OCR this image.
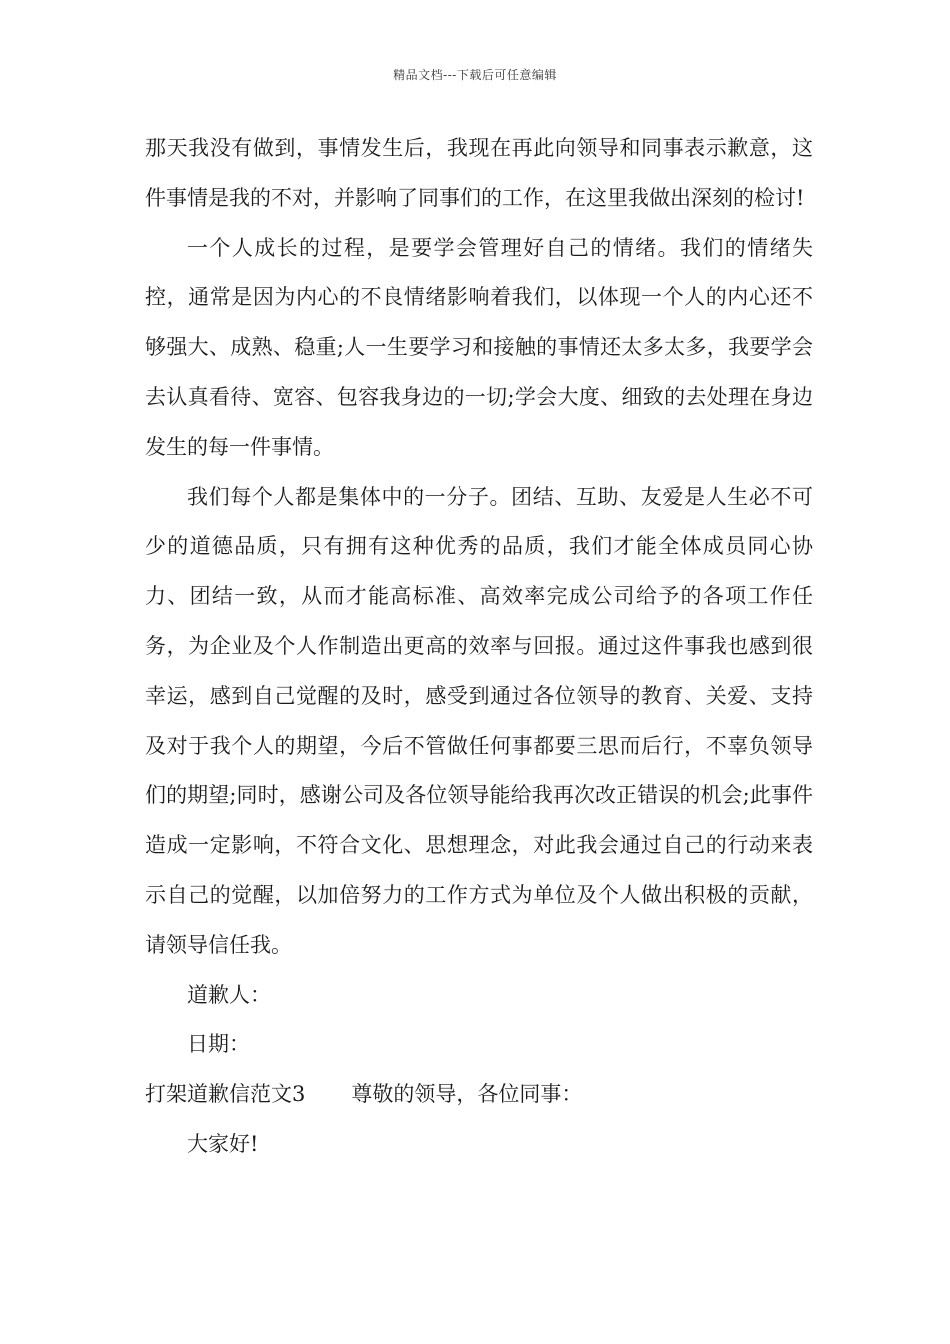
精品文档---下载后可任意编辑

那天我没有做到，事情发生后，我现在再此向领导和同事表示歉意，这件事情是我的不对，并影响了同事们的工作，在这里我做出深刻的检讨!

一个人成长的过程，是要学会管理好自己的情绪。我们的情绪失控，通常是因为内心的不良情绪影响着我们，以体现一个人的内心还不够强大、成熟、稳重;人一生要学习和接触的事情还太多太多，我要学会去认真看待、宽容、包容我身边的一切;学会大度、细致的去处理在身边发生的每一件事情。

我们每个人都是集体中的一分子。团结、互助、友爱是人生必不可少的道德品质，只有拥有这种优秀的品质，我们才能全体成员同心协力、团结一致，从而才能高标准、高效率完成公司给予的各项工作任务，为企业及个人作制造出更高的效率与回报。通过这件事我也感到很幸运，感到自己觉醒的及时，感受到通过各位领导的教育、关爱、支持及对于我个人的期望，今后不管做任何事都要三思而后行，不辜负领导们的期望;同时，感谢公司及各位领导能给我再次改正错误的机会;此事件造成一定影响，不符合文化、思想理念，对此我会通过自己的行动来表示自己的觉醒，以加倍努力的工作方式为单位及个人做出积极的贡献，请领导信任我。

道歉人：

日期：

打架道歉信范文3 尊敬的领导，各位同事：

大家好!
